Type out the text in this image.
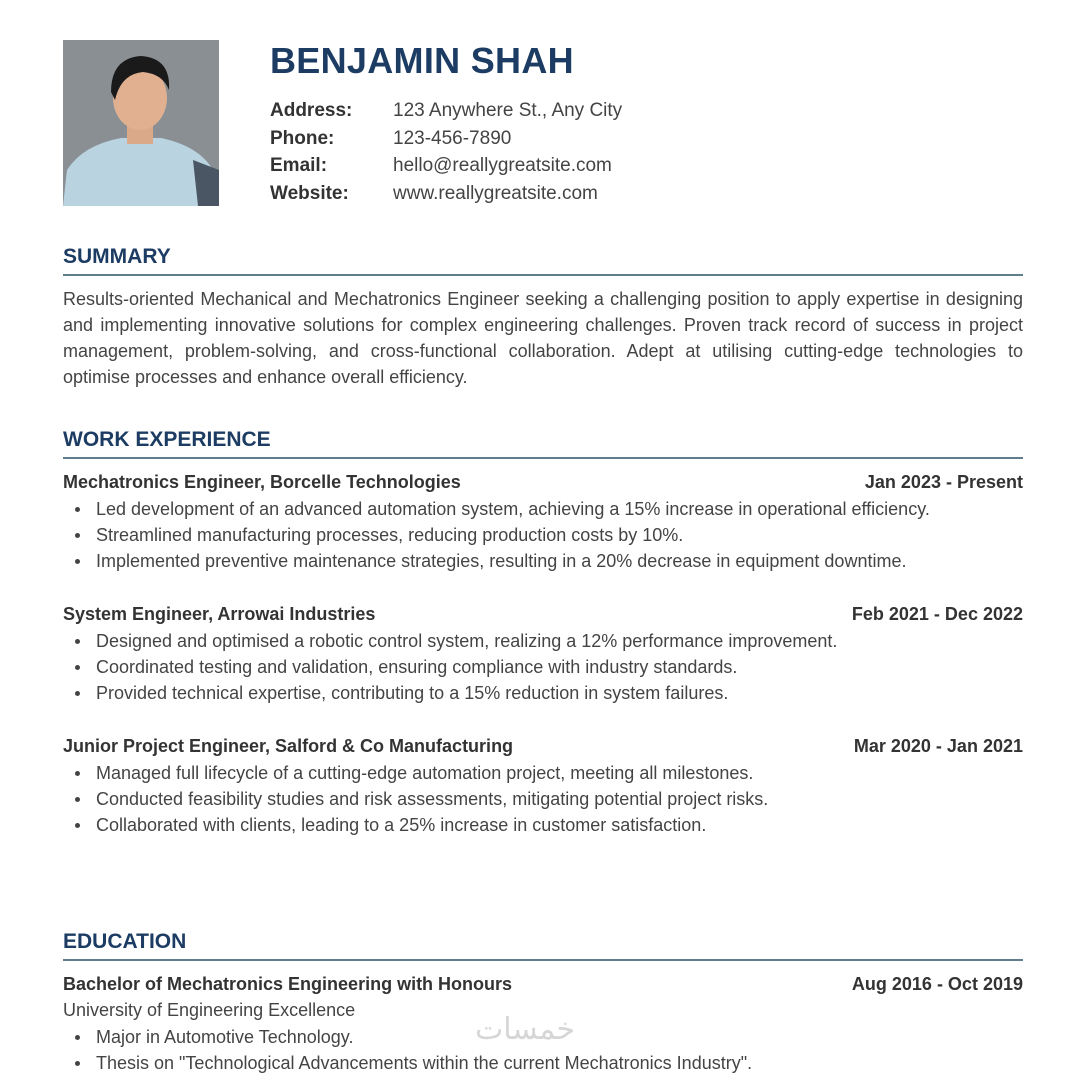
BENJAMIN SHAH
Address:	123 Anywhere St., Any City
Phone:	123-456-7890
Email:	hello@reallygreatsite.com
Website:	www.reallygreatsite.com
SUMMARY
Results-oriented Mechanical and Mechatronics Engineer seeking a challenging position to apply expertise in designing and implementing innovative solutions for complex engineering challenges. Proven track record of success in project management, problem-solving, and cross-functional collaboration. Adept at utilising cutting-edge technologies to optimise processes and enhance overall efficiency.
WORK EXPERIENCE
Mechatronics Engineer, Borcelle Technologies	Jan 2023 - Present
Led development of an advanced automation system, achieving a 15% increase in operational efficiency.
Streamlined manufacturing processes, reducing production costs by 10%.
Implemented preventive maintenance strategies, resulting in a 20% decrease in equipment downtime.
System Engineer, Arrowai Industries	Feb 2021 - Dec 2022
Designed and optimised a robotic control system, realizing a 12% performance improvement.
Coordinated testing and validation, ensuring compliance with industry standards.
Provided technical expertise, contributing to a 15% reduction in system failures.
Junior Project Engineer, Salford & Co Manufacturing	Mar 2020 - Jan 2021
Managed full lifecycle of a cutting-edge automation project, meeting all milestones.
Conducted feasibility studies and risk assessments, mitigating potential project risks.
Collaborated with clients, leading to a 25% increase in customer satisfaction.
EDUCATION
Bachelor of Mechatronics Engineering with Honours	Aug 2016 - Oct 2019
University of Engineering Excellence
Major in Automotive Technology.
Thesis on "Technological Advancements within the current Mechatronics Industry".
خمسات
